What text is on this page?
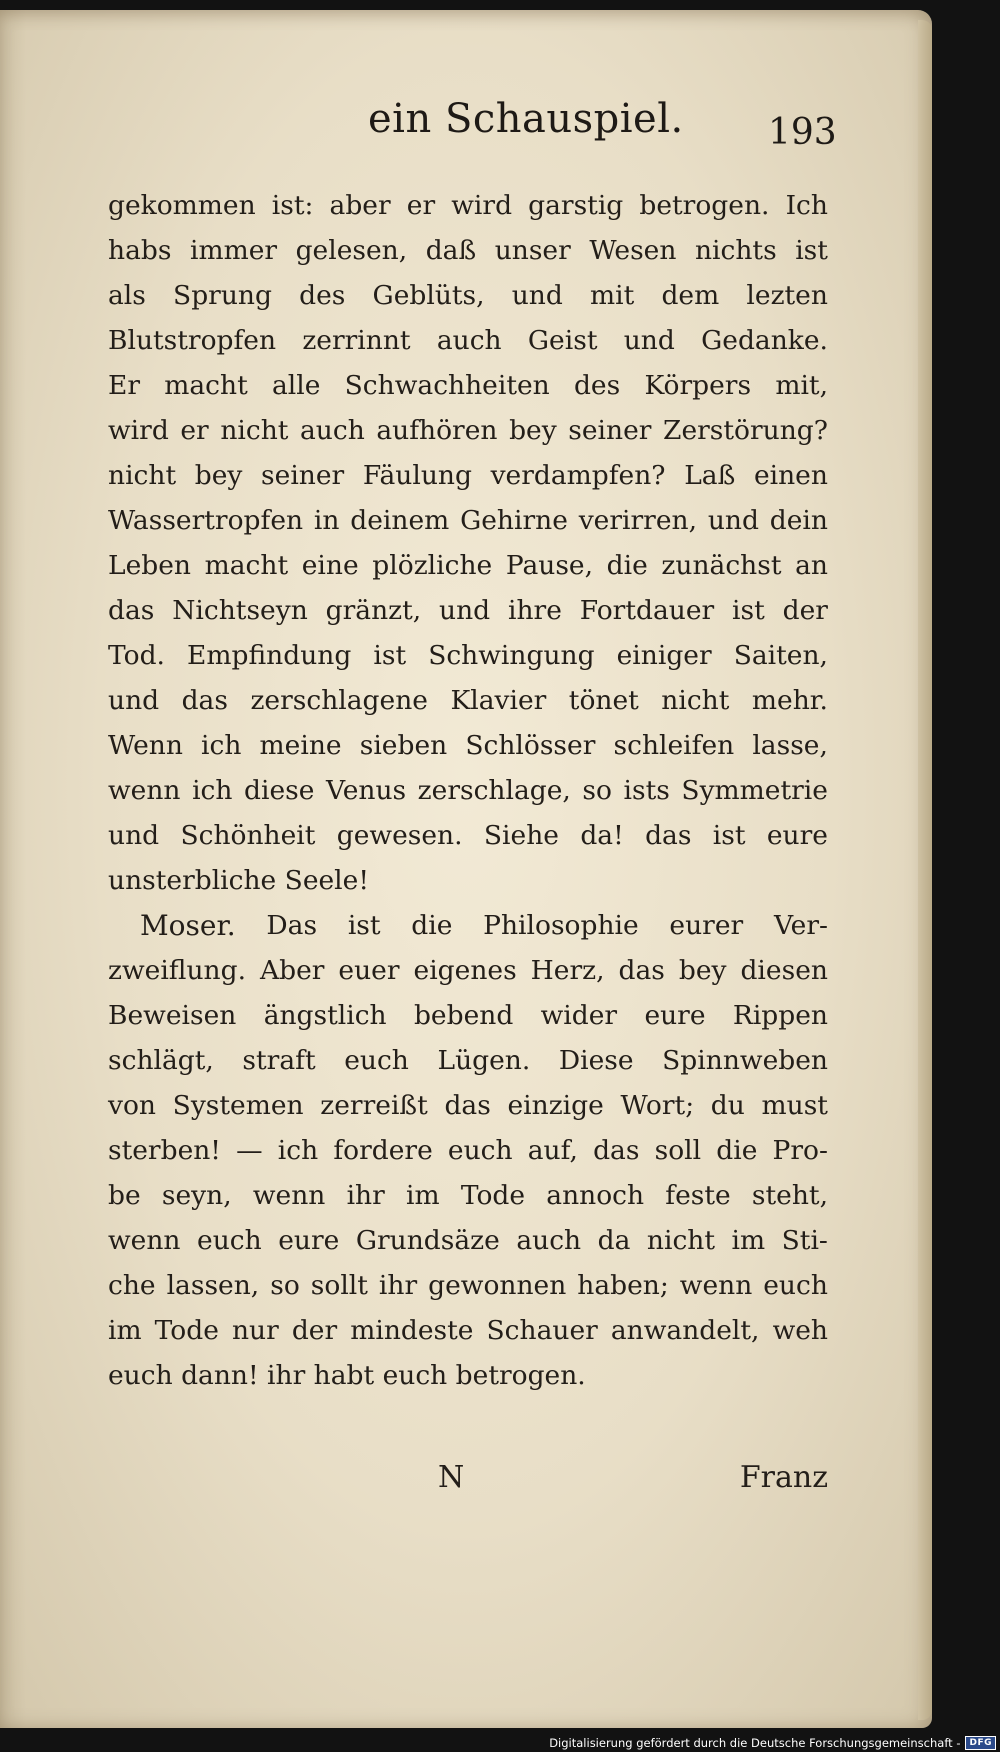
ein Schauspiel. 193
gekommen ist: aber er wird garstig betrogen. Ich
habs immer gelesen, daß unser Wesen nichts ist
als Sprung des Geblüts, und mit dem lezten
Blutstropfen zerrinnt auch Geist und Gedanke.
Er macht alle Schwachheiten des Körpers mit,
wird er nicht auch aufhören bey seiner Zerstörung?
nicht bey seiner Fäulung verdampfen? Laß einen
Wassertropfen in deinem Gehirne verirren, und dein
Leben macht eine plözliche Pause, die zunächst an
das Nichtseyn gränzt, und ihre Fortdauer ist der
Tod. Empfindung ist Schwingung einiger Saiten,
und das zerschlagene Klavier tönet nicht mehr.
Wenn ich meine sieben Schlösser schleifen lasse,
wenn ich diese Venus zerschlage, so ists Symmetrie
und Schönheit gewesen. Siehe da! das ist eure
unsterbliche Seele!
Moser. Das ist die Philosophie eurer Ver-
zweiflung. Aber euer eigenes Herz, das bey diesen
Beweisen ängstlich bebend wider eure Rippen
schlägt, straft euch Lügen. Diese Spinnweben
von Systemen zerreißt das einzige Wort; du must
sterben! — ich fordere euch auf, das soll die Pro-
be seyn, wenn ihr im Tode annoch feste steht,
wenn euch eure Grundsäze auch da nicht im Sti-
che lassen, so sollt ihr gewonnen haben; wenn euch
im Tode nur der mindeste Schauer anwandelt, weh
euch dann! ihr habt euch betrogen.
N	Franz
Digitalisierung gefördert durch die Deutsche Forschungsgemeinschaft -	DFG
